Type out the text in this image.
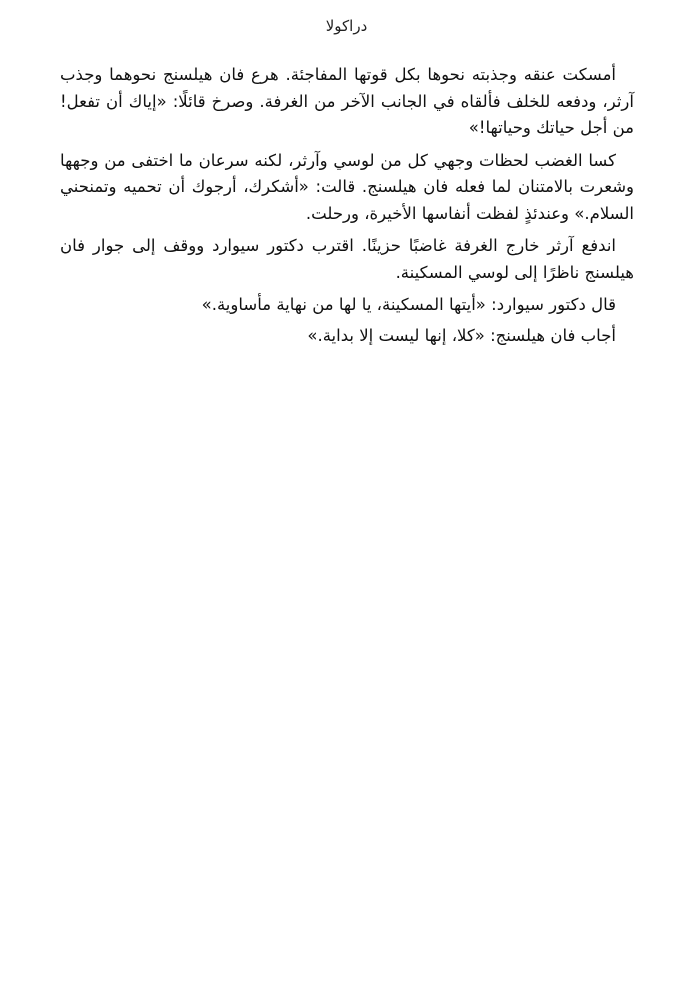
دراكولا

أمسكت عنقه وجذبته نحوها بكل قوتها المفاجئة. هرع فان هيلسنج نحوهما وجذب آرثر، ودفعه للخلف فألقاه في الجانب الآخر من الغرفة. وصرخ قائلًا: «إياك أن تفعل! من أجل حياتك وحياتها!»

كسا الغضب لحظات وجهي كل من لوسي وآرثر، لكنه سرعان ما اختفى من وجهها وشعرت بالامتنان لما فعله فان هيلسنج. قالت: «أشكرك، أرجوك أن تحميه وتمنحني السلام.» وعندئذٍ لفظت أنفاسها الأخيرة، ورحلت.

اندفع آرثر خارج الغرفة غاضبًا حزينًا. اقترب دكتور سيوارد ووقف إلى جوار فان هيلسنج ناظرًا إلى لوسي المسكينة.

قال دكتور سيوارد: «أيتها المسكينة، يا لها من نهاية مأساوية.»

أجاب فان هيلسنج: «كلا، إنها ليست إلا بداية.»
